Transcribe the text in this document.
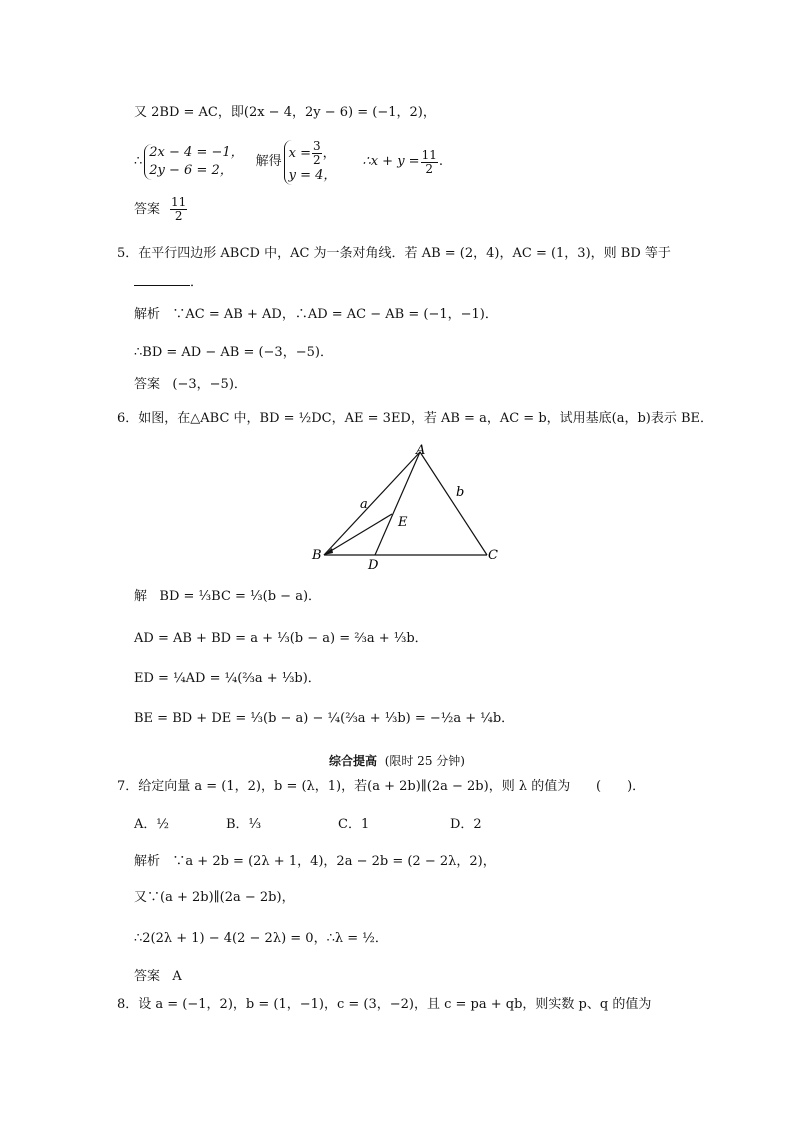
又 2BD = AC，即(2x − 4，2y − 6) = (−1，2)，
∴
2x − 4 = −1，
2y − 6 = 2，
解得
$x = \frac{3}{2}$ ，
y = 4，
∴x + $y = \frac{11}{2}$ .
答案 $\frac{11}{2}$
5．在平行四边形 ABCD 中，AC 为一条对角线．若 AB = (2，4)，AC = (1，3)，则 BD 等于
．
解析 ∵AC = AB + AD，∴AD = AC − AB = (−1，−1)．
∴BD = AD − AB = (−3，−5)．
答案 (−3，−5)．
6．如图，在△ABC 中，BD = ½DC，AE = 3ED，若 AB = a，AC = b，试用基底(a，b)表示 BE．
A
B	C
D
E
a
b
解 BD = ⅓BC = ⅓(b − a)．
AD = AB + BD = a + ⅓(b − a) = ⅔a + ⅓b．
ED = ¼AD = ¼(⅔a + ⅓b)．
BE = BD + DE = ⅓(b − a) − ¼(⅔a + ⅓b) = −½a + ¼b．
综合提高 (限时 25 分钟)
7．给定向量 a = (1，2)，b = (λ，1)，若(a + 2b)∥(2a − 2b)，则 λ 的值为 (　　)．
A．½	B．⅓	C．1	D．2
解析 ∵a + 2b = (2λ + 1，4)，2a − 2b = (2 − 2λ，2)，
又∵(a + 2b)∥(2a − 2b)，
∴2(2λ + 1) − 4(2 − 2λ) = 0，∴λ = ½．
答案 A
8．设 a = (−1，2)，b = (1，−1)，c = (3，−2)，且 c = pa + qb，则实数 p、q 的值为
